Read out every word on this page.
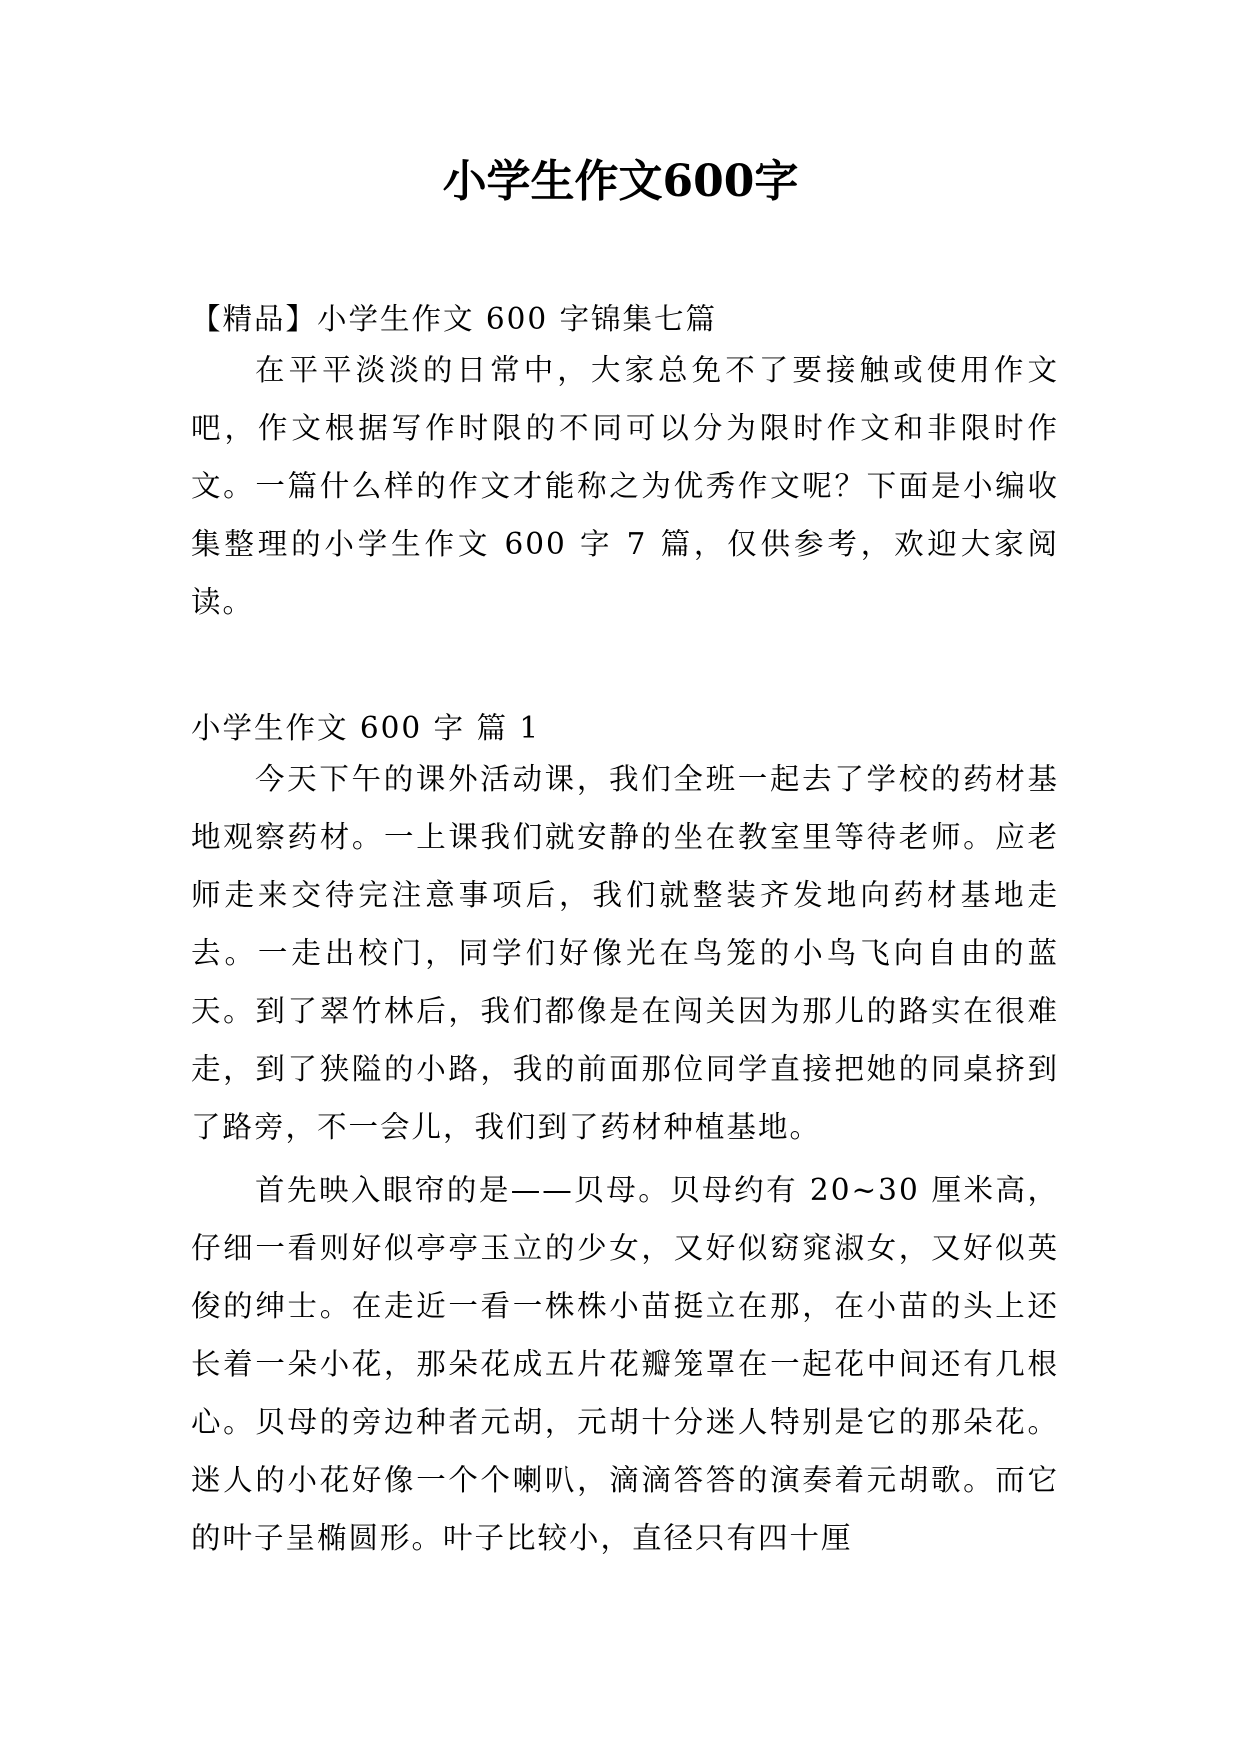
小学生作文600字

【精品】小学生作文 600 字锦集七篇

在平平淡淡的日常中，大家总免不了要接触或使用作文吧，作文根据写作时限的不同可以分为限时作文和非限时作文。一篇什么样的作文才能称之为优秀作文呢？下面是小编收集整理的小学生作文 600 字 7 篇，仅供参考，欢迎大家阅读。

小学生作文 600 字 篇 1

今天下午的课外活动课，我们全班一起去了学校的药材基地观察药材。一上课我们就安静的坐在教室里等待老师。应老师走来交待完注意事项后，我们就整装齐发地向药材基地走去。一走出校门，同学们好像光在鸟笼的小鸟飞向自由的蓝天。到了翠竹林后，我们都像是在闯关因为那儿的路实在很难走，到了狭隘的小路，我的前面那位同学直接把她的同桌挤到了路旁，不一会儿，我们到了药材种植基地。

首先映入眼帘的是——贝母。贝母约有 20~30 厘米高，仔细一看则好似亭亭玉立的少女，又好似窈窕淑女，又好似英俊的绅士。在走近一看一株株小苗挺立在那，在小苗的头上还长着一朵小花，那朵花成五片花瓣笼罩在一起花中间还有几根心。贝母的旁边种者元胡，元胡十分迷人特别是它的那朵花。迷人的小花好像一个个喇叭，滴滴答答的演奏着元胡歌。而它的叶子呈椭圆形。叶子比较小，直径只有四十厘
